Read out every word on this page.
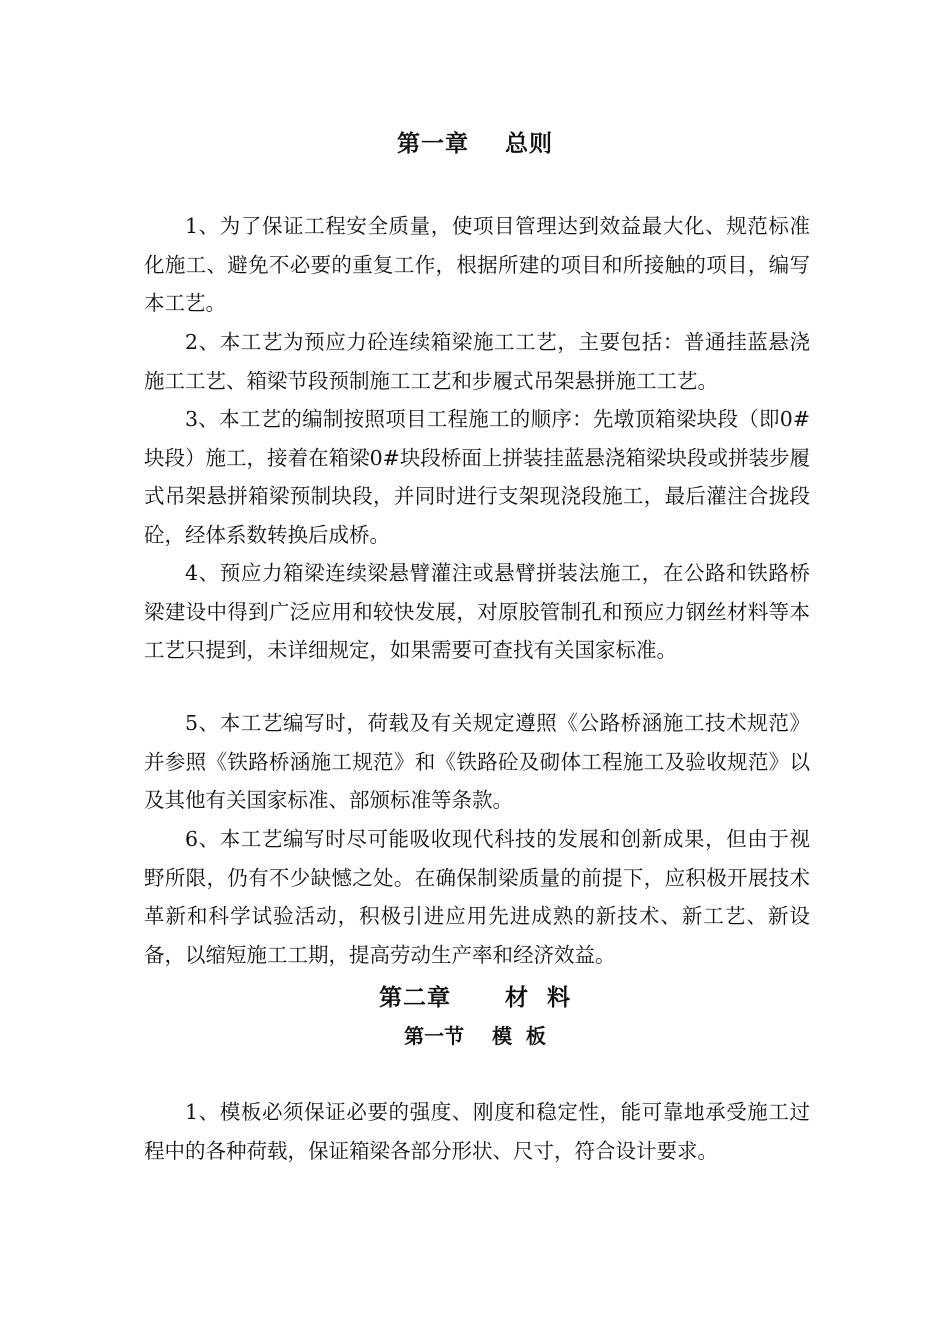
第一章    总则

1、为了保证工程安全质量，使项目管理达到效益最大化、规范标准化施工、避免不必要的重复工作，根据所建的项目和所接触的项目，编写本工艺。

2、本工艺为预应力砼连续箱梁施工工艺，主要包括：普通挂蓝悬浇施工工艺、箱梁节段预制施工工艺和步履式吊架悬拼施工工艺。

3、本工艺的编制按照项目工程施工的顺序：先墩顶箱梁块段（即0#块段）施工，接着在箱梁0#块段桥面上拼装挂蓝悬浇箱梁块段或拼装步履式吊架悬拼箱梁预制块段，并同时进行支架现浇段施工，最后灌注合拢段砼，经体系数转换后成桥。

4、预应力箱梁连续梁悬臂灌注或悬臂拼装法施工，在公路和铁路桥梁建设中得到广泛应用和较快发展，对原胶管制孔和预应力钢丝材料等本工艺只提到，未详细规定，如果需要可查找有关国家标准。

5、本工艺编写时，荷载及有关规定遵照《公路桥涵施工技术规范》并参照《铁路桥涵施工规范》和《铁路砼及砌体工程施工及验收规范》以及其他有关国家标准、部颁标准等条款。

6、本工艺编写时尽可能吸收现代科技的发展和创新成果，但由于视野所限，仍有不少缺憾之处。在确保制梁质量的前提下，应积极开展技术革新和科学试验活动，积极引进应用先进成熟的新技术、新工艺、新设备，以缩短施工工期，提高劳动生产率和经济效益。

第二章      材  料
第一节    模  板

1、模板必须保证必要的强度、刚度和稳定性，能可靠地承受施工过程中的各种荷载，保证箱梁各部分形状、尺寸，符合设计要求。
